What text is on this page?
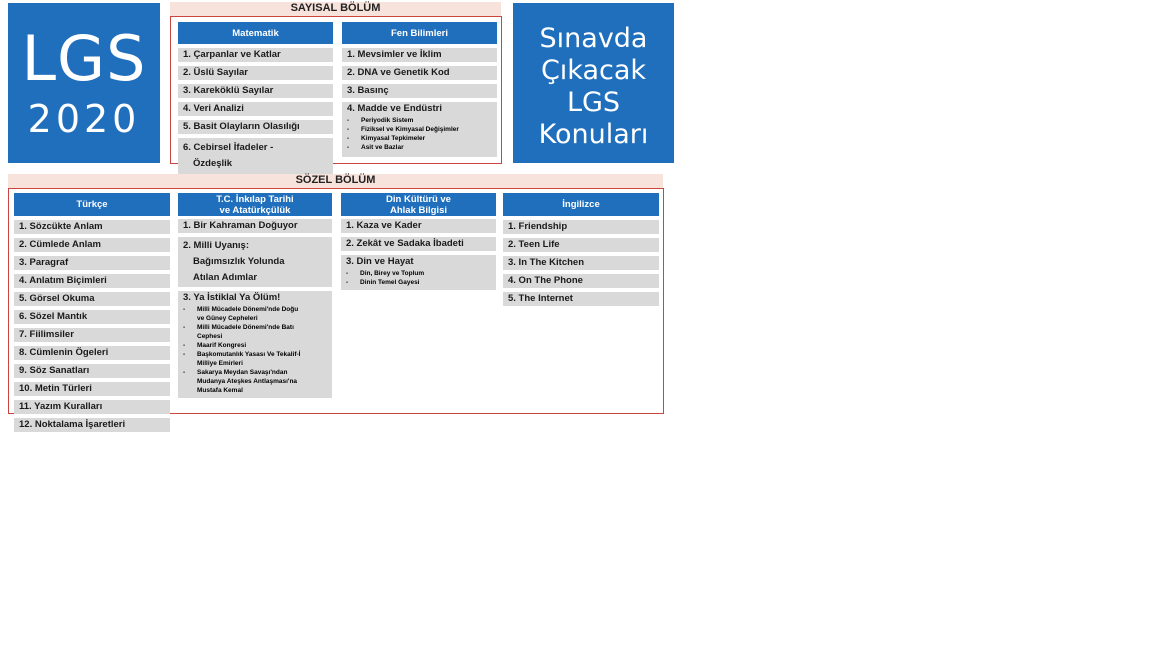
LGS
2020
Sınavda
Çıkacak
LGS
Konuları
SAYISAL BÖLÜM
Matematik
1. Çarpanlar ve Katlar
2. Üslü Sayılar
3. Kareköklü Sayılar
4. Veri Analizi
5. Basit Olayların Olasılığı
6. Cebirsel İfadeler -
Özdeşlik
Fen Bilimleri
1. Mevsimler ve İklim
2. DNA ve Genetik Kod
3. Basınç
4. Madde ve Endüstri
-	Periyodik Sistem
-	Fiziksel ve Kimyasal Değişimler
-	Kimyasal Tepkimeler
-	Asit ve Bazlar
SÖZEL BÖLÜM
Türkçe
1. Sözcükte Anlam
2. Cümlede Anlam
3. Paragraf
4. Anlatım Biçimleri
5. Görsel Okuma
6. Sözel Mantık
7. Fiilimsiler
8. Cümlenin Ögeleri
9. Söz Sanatları
10. Metin Türleri
11. Yazım Kuralları
12. Noktalama İşaretleri
T.C. İnkılap Tarihi
ve Atatürkçülük
1. Bir Kahraman Doğuyor
2. Milli Uyanış:
Bağımsızlık Yolunda
Atılan Adımlar
3. Ya İstiklal Ya Ölüm!
-	Milli Mücadele Dönemi'nde Doğu
ve Güney Cepheleri
-	Milli Mücadele Dönemi'nde Batı
Cephesi
-	Maarif Kongresi
-	Başkomutanlık Yasası Ve Tekalif-İ
Milliye Emirleri
-	Sakarya Meydan Savaşı'ndan
Mudanya Ateşkes Antlaşması'na
Mustafa Kemal
Din Kültürü ve
Ahlak Bilgisi
1. Kaza ve Kader
2. Zekât ve Sadaka İbadeti
3. Din ve Hayat
-	Din, Birey ve Toplum
-	Dinin Temel Gayesi
İngilizce
1. Friendship
2. Teen Life
3. In The Kitchen
4. On The Phone
5. The Internet
